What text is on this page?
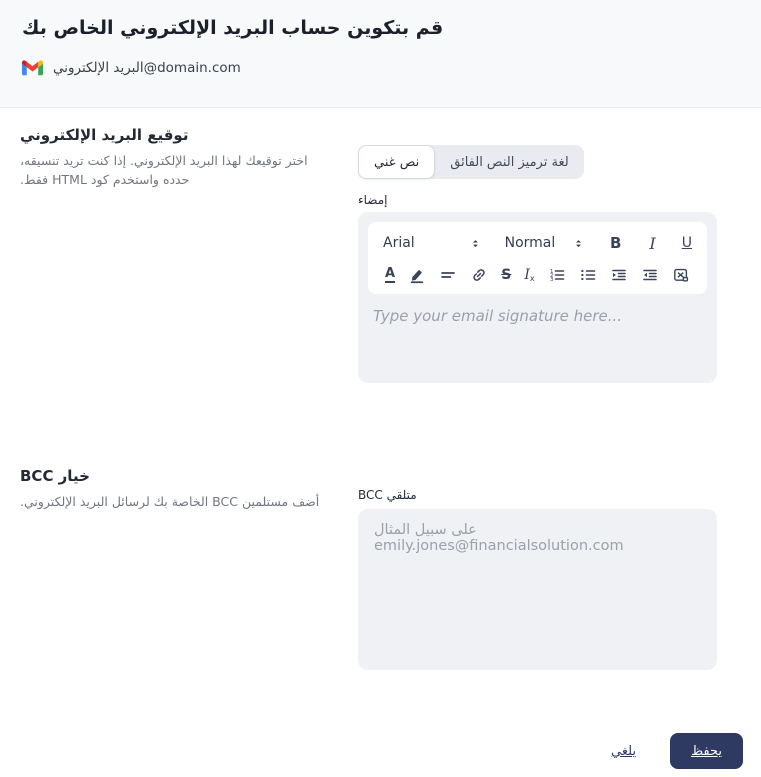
قم بتكوين حساب البريد الإلكتروني الخاص بك
البريد الإلكتروني@domain.com
توقيع البريد الإلكتروني
اختر توقيعك لهذا البريد الإلكتروني. إذا كنت تريد تنسيقه، حدده واستخدم كود HTML فقط.
نص غني لغة ترميز النص الفائق
إمضاء
Arial	Normal	B I U
A	S Ix
1
2
3
Type your email signature here...
خيار BCC
أضف مستلمين BCC الخاصة بك لرسائل البريد الإلكتروني.	متلقي BCC
على سبيل المثال emily.jones@financialsolution.com
يلغي	يحفظ
